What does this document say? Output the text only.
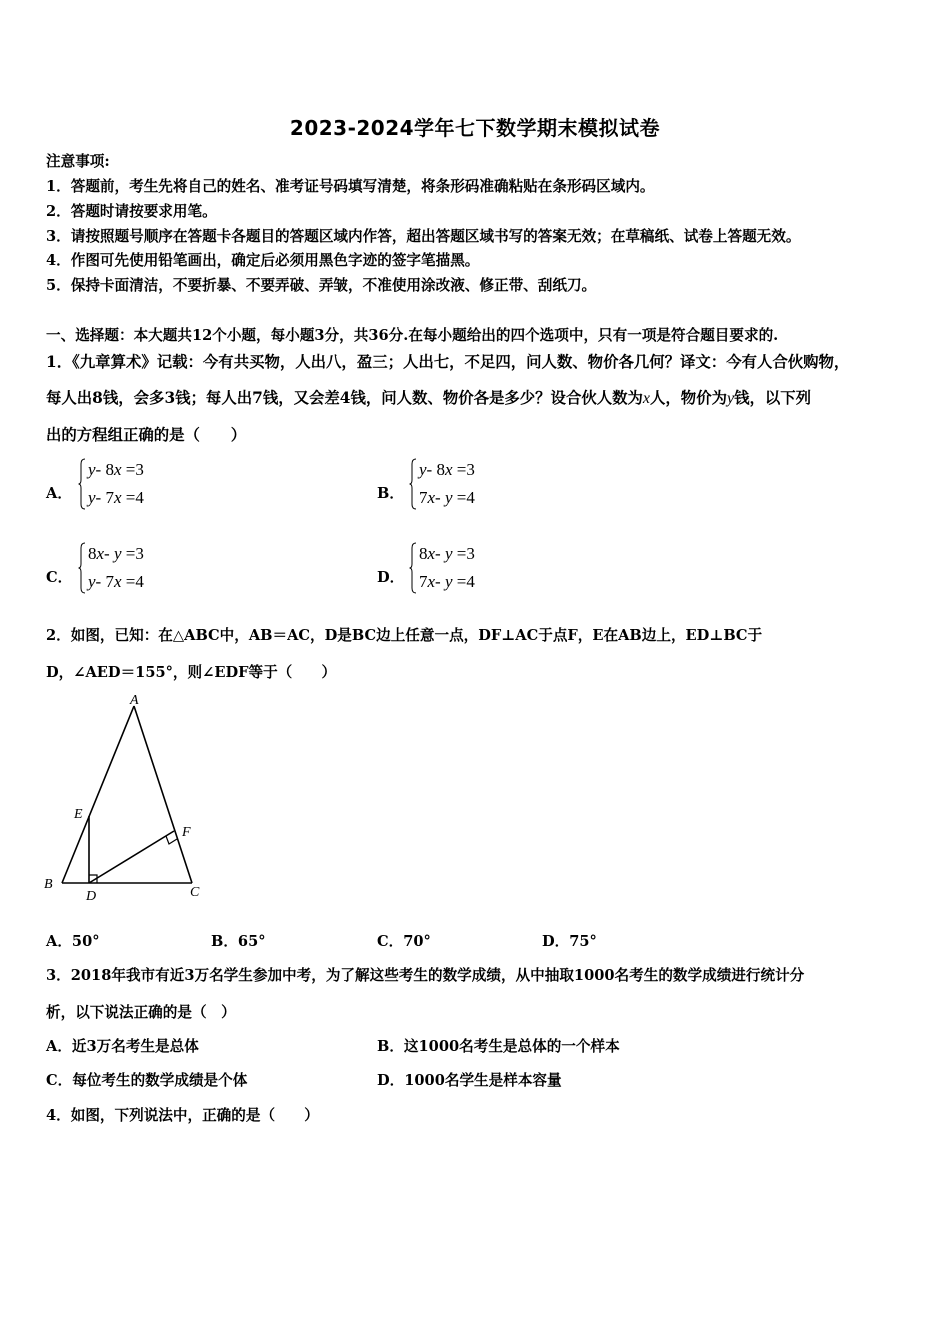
2023-2024学年七下数学期末模拟试卷
注意事项:
1．答题前，考生先将自己的姓名、准考证号码填写清楚，将条形码准确粘贴在条形码区域内。
2．答题时请按要求用笔。
3．请按照题号顺序在答题卡各题目的答题区域内作答，超出答题区域书写的答案无效；在草稿纸、试卷上答题无效。
4．作图可先使用铅笔画出，确定后必须用黑色字迹的签字笔描黑。
5．保持卡面清洁，不要折暴、不要弄破、弄皱，不准使用涂改液、修正带、刮纸刀。
一、选择题：本大题共12个小题，每小题3分，共36分.在每小题给出的四个选项中，只有一项是符合题目要求的.
1．《九章算术》记载：今有共买物，人出八，盈三；人出七，不足四，问人数、物价各几何？译文：今有人合伙购物，
每人出8钱，会多3钱；每人出7钱，又会差4钱，问人数、物价各是多少？设合伙人数为x人，物价为y钱，以下列
出的方程组正确的是（　　）
A．
y- 8x =3
y- 7x =4	B．
y- 8x =3
7x- y =4
C．
8x- y =3
y- 7x =4	D．
8x- y =3
7x- y =4
2．如图，已知：在△ABC中，AB＝AC，D是BC边上任意一点，DF⊥AC于点F，E在AB边上，ED⊥BC于
D，∠AED＝155°，则∠EDF等于（　　）
A
B
C
D
E
F
A．50°	B．65°	C．70°	D．75°
3．2018年我市有近3万名学生参加中考，为了解这些考生的数学成绩，从中抽取1000名考生的数学成绩进行统计分
析，以下说法正确的是（　）
A．近3万名考生是总体	B．这1000名考生是总体的一个样本
C．每位考生的数学成绩是个体	D．1000名学生是样本容量
4．如图，下列说法中，正确的是（　　）
